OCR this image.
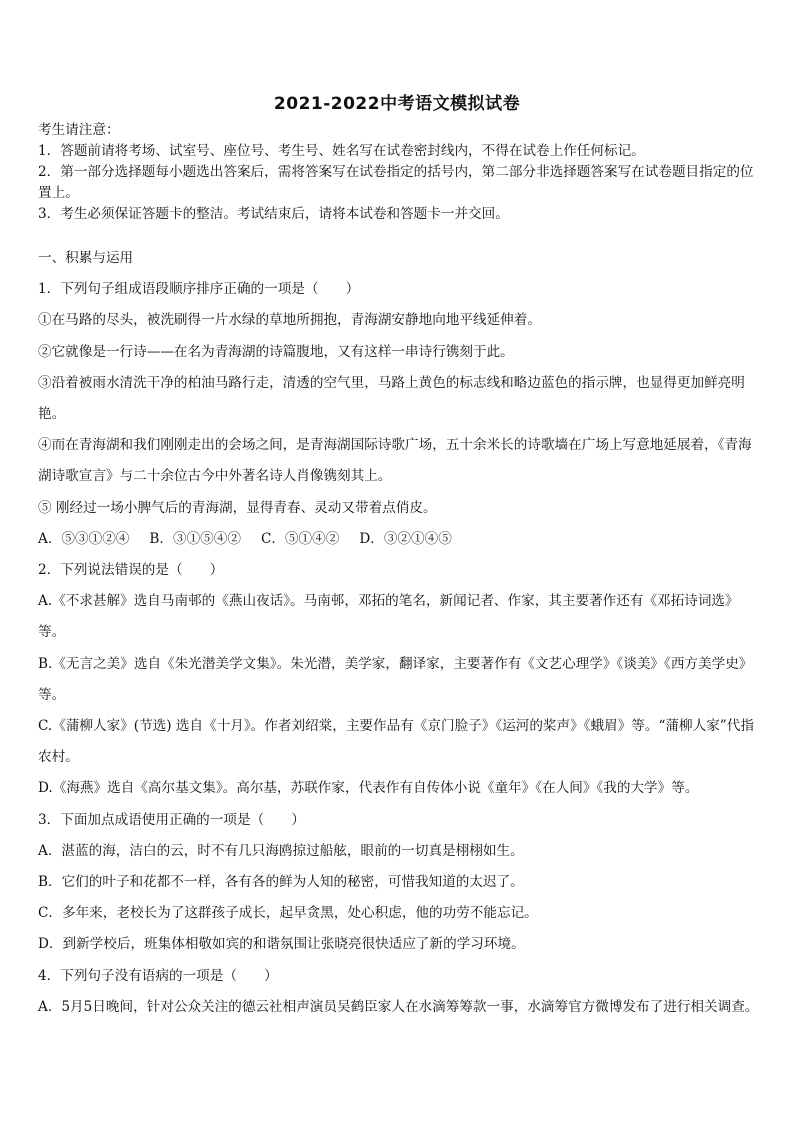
2021-2022中考语文模拟试卷

考生请注意：

1．答题前请将考场、试室号、座位号、考生号、姓名写在试卷密封线内，不得在试卷上作任何标记。

2．第一部分选择题每小题选出答案后，需将答案写在试卷指定的括号内，第二部分非选择题答案写在试卷题目指定的位置上。

3．考生必须保证答题卡的整洁。考试结束后，请将本试卷和答题卡一并交回。

一、积累与运用

1．下列句子组成语段顺序排序正确的一项是（　　）

①在马路的尽头，被洗刷得一片水绿的草地所拥抱，青海湖安静地向地平线延伸着。

②它就像是一行诗——在名为青海湖的诗篇腹地，又有这样一串诗行镌刻于此。

③沿着被雨水清洗干净的柏油马路行走，清透的空气里，马路上黄色的标志线和略边蓝色的指示牌，也显得更加鲜亮明艳。

④而在青海湖和我们刚刚走出的会场之间，是青海湖国际诗歌广场，五十余米长的诗歌墙在广场上写意地延展着，《青海湖诗歌宣言》与二十余位古今中外著名诗人肖像镌刻其上。

⑤ 刚经过一场小脾气后的青海湖，显得青春、灵动又带着点俏皮。

A．⑤③①②④ B．③①⑤④② C．⑤①④② D．③②①④⑤

2．下列说法错误的是（　　）

A.《不求甚解》选自马南邨的《燕山夜话》。马南邨，邓拓的笔名，新闻记者、作家，其主要著作还有《邓拓诗词选》等。

B.《无言之美》选自《朱光潜美学文集》。朱光潜，美学家，翻译家，主要著作有《文艺心理学》《谈美》《西方美学史》等。

C.《蒲柳人家》(节选) 选自《十月》。作者刘绍棠，主要作品有《京门脸子》《运河的桨声》《蛾眉》等。“蒲柳人家”代指农村。

D.《海燕》选自《高尔基文集》。高尔基，苏联作家，代表作有自传体小说《童年》《在人间》《我的大学》等。

3．下面加点成语使用正确的一项是（　　）

A．湛蓝的海，洁白的云，时不有几只海鸥掠过船舷，眼前的一切真是栩栩如生。

B．它们的叶子和花都不一样，各有各的鲜为人知的秘密，可惜我知道的太迟了。

C．多年来，老校长为了这群孩子成长，起早贪黑，处心积虑，他的功劳不能忘记。

D．到新学校后，班集体相敬如宾的和谐氛围让张晓亮很快适应了新的学习环境。

4．下列句子没有语病的一项是（　　）

A．5月5日晚间，针对公众关注的德云社相声演员吴鹤臣家人在水滴筹筹款一事，水滴筹官方微博发布了进行相关调查。
